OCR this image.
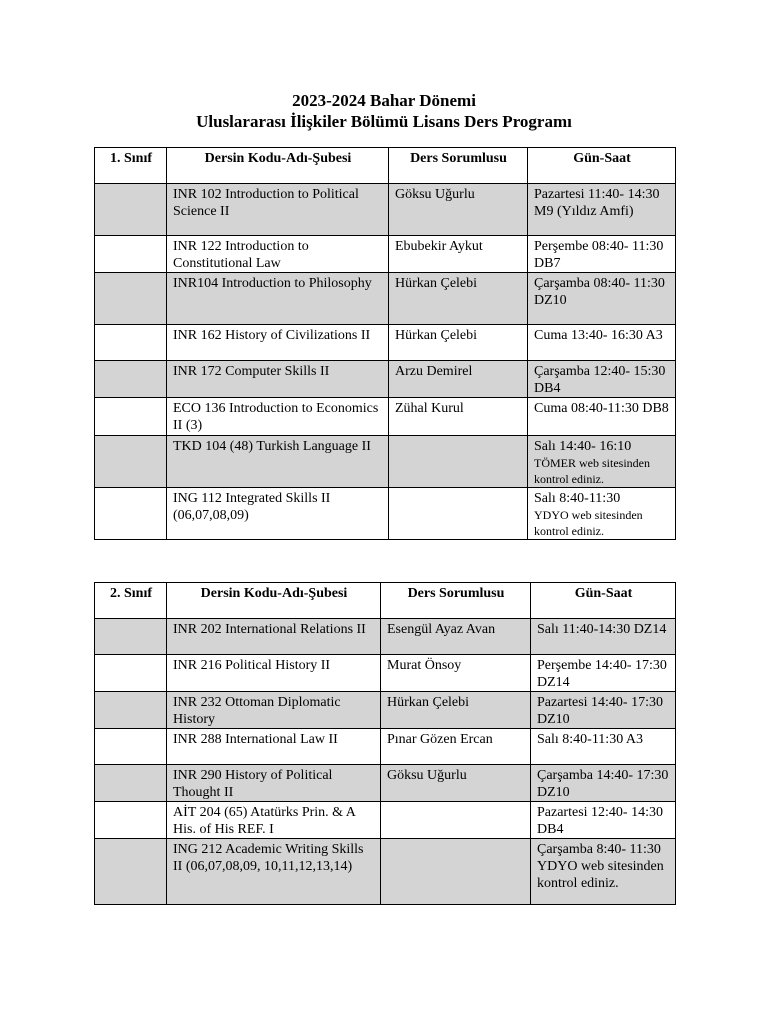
2023-2024 Bahar Dönemi
Uluslararası İlişkiler Bölümü Lisans Ders Programı
1. Sınıf	Dersin Kodu-Adı-Şubesi	Ders Sorumlusu	Gün-Saat
	INR 102 Introduction to Political Science II	Göksu Uğurlu	Pazartesi 11:40- 14:30 M9 (Yıldız Amfi)
	INR 122 Introduction to Constitutional Law	Ebubekir Aykut	Perşembe 08:40- 11:30 DB7
	INR104 Introduction to Philosophy	Hürkan Çelebi	Çarşamba 08:40- 11:30 DZ10
	INR 162 History of Civilizations II	Hürkan Çelebi	Cuma 13:40- 16:30 A3
	INR 172 Computer Skills II	Arzu Demirel	Çarşamba 12:40- 15:30 DB4
	ECO 136 Introduction to Economics II (3)	Zühal Kurul	Cuma 08:40-11:30 DB8
	TKD 104 (48) Turkish Language II		Salı 14:40- 16:10
TÖMER web sitesinden kontrol ediniz.

	ING 112 Integrated Skills II (06,07,08,09)		Salı 8:40-11:30
YDYO web sitesinden kontrol ediniz.
2. Sınıf	Dersin Kodu-Adı-Şubesi	Ders Sorumlusu	Gün-Saat
	INR 202 International Relations II	Esengül Ayaz Avan	Salı 11:40-14:30 DZ14
	INR 216 Political History II	Murat Önsoy	Perşembe 14:40- 17:30 DZ14
	INR 232 Ottoman Diplomatic History	Hürkan Çelebi	Pazartesi 14:40- 17:30 DZ10
	INR 288 International Law II	Pınar Gözen Ercan	Salı 8:40-11:30 A3
	INR 290 History of Political Thought II	Göksu Uğurlu	Çarşamba 14:40- 17:30 DZ10
	AİT 204 (65) Atatürks Prin. & A His. of His REF. I		Pazartesi 12:40- 14:30 DB4
	ING 212 Academic Writing Skills II (06,07,08,09, 10,11,12,13,14)		Çarşamba 8:40- 11:30 YDYO web sitesinden kontrol ediniz.
